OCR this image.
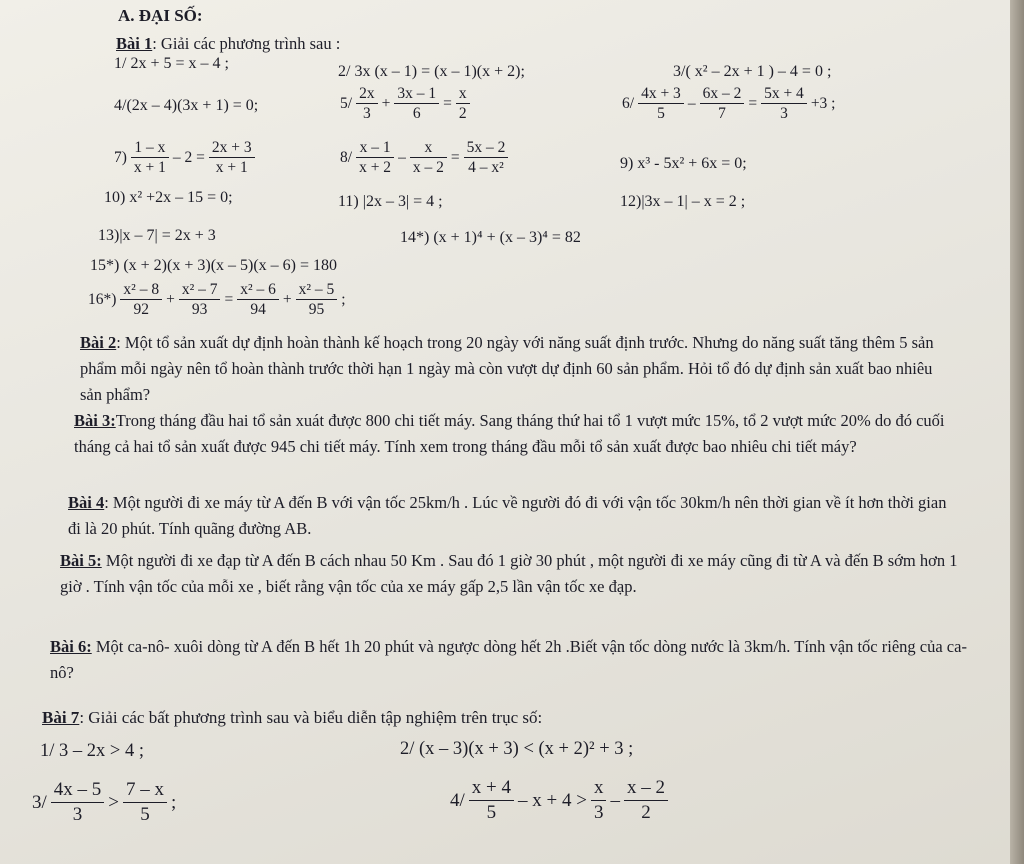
A. ĐẠI SỐ:
Bài 1: Giải các phương trình sau :
1/ 2x + 5 = x – 4 ;	2/ 3x (x – 1) = (x – 1)(x + 2);	3/( x² – 2x + 1 ) – 4 = 0 ;
4/(2x – 4)(3x + 1) = 0;	$5/ \frac{2x}{3} + \frac{3x - 1}{6} = \frac{x}{2}$	$6/ \frac{4x + 3}{5} - \frac{6x - 2}{7} = \frac{5x + 4}{3} +3$ ;
$7) \frac{1 - x}{x + 1} - 2 = \frac{2x + 3}{x + 1}$	$8/ \frac{x - 1}{x + 2} - \frac{x}{x - 2} = \frac{5x - 2}{\text{4 – x²}}$	9) x³ - 5x² + 6x = 0;
10) x² +2x – 15 = 0;	11) |2x – 3| = 4 ;	12)|3x – 1| – x = 2 ;
13)|x – 7| = 2x + 3	14*) (x + 1)⁴ + (x – 3)⁴ = 82
15*) (x + 2)(x + 3)(x – 5)(x – 6) = 180
$16*) \frac{\text{x² – 8}}{92} + \frac{\text{x² – 7}}{93} = \frac{\text{x² – 6}}{94} + \frac{\text{x² – 5}}{95}$ ;
Bài 2: Một tổ sản xuất dự định hoàn thành kế hoạch trong 20 ngày với năng suất định trước. Nhưng do năng suất tăng thêm 5 sản phẩm mỗi ngày nên tổ hoàn thành trước thời hạn 1 ngày mà còn vượt dự định 60 sản phẩm. Hỏi tổ đó dự định sản xuất bao nhiêu sản phẩm?
Bài 3:Trong tháng đầu hai tổ sản xuát được 800 chi tiết máy. Sang tháng thứ hai tổ 1 vượt mức 15%, tổ 2 vượt mức 20% do đó cuối tháng cả hai tổ sản xuất được 945 chi tiết máy. Tính xem trong tháng đầu mỗi tổ sản xuất được bao nhiêu chi tiết máy?
Bài 4: Một người đi xe máy từ A đến B với vận tốc 25km/h . Lúc về người đó đi với vận tốc 30km/h nên thời gian về ít hơn thời gian đi là 20 phút. Tính quãng đường AB.
Bài 5: Một người đi xe đạp từ A đến B cách nhau 50 Km . Sau đó 1 giờ 30 phút , một người đi xe máy cũng đi từ A và đến B sớm hơn 1 giờ . Tính vận tốc của mỗi xe , biết rằng vận tốc của xe máy gấp 2,5 lần vận tốc xe đạp.
Bài 6: Một ca-nô- xuôi dòng từ A đến B hết 1h 20 phút và ngược dòng hết 2h .Biết vận tốc dòng nước là 3km/h. Tính vận tốc riêng của ca-nô?
Bài 7: Giải các bất phương trình sau và biểu diễn tập nghiệm trên trục số:
1/ 3 – 2x > 4 ;	2/ (x – 3)(x + 3) < (x + 2)² + 3 ;
$3/ \frac{4x - 5}{3} > \frac{7 - x}{5}$ ;	$4/ \frac{x + 4}{5} - x + 4 > \frac{x}{3} - \frac{x - 2}{2}$
